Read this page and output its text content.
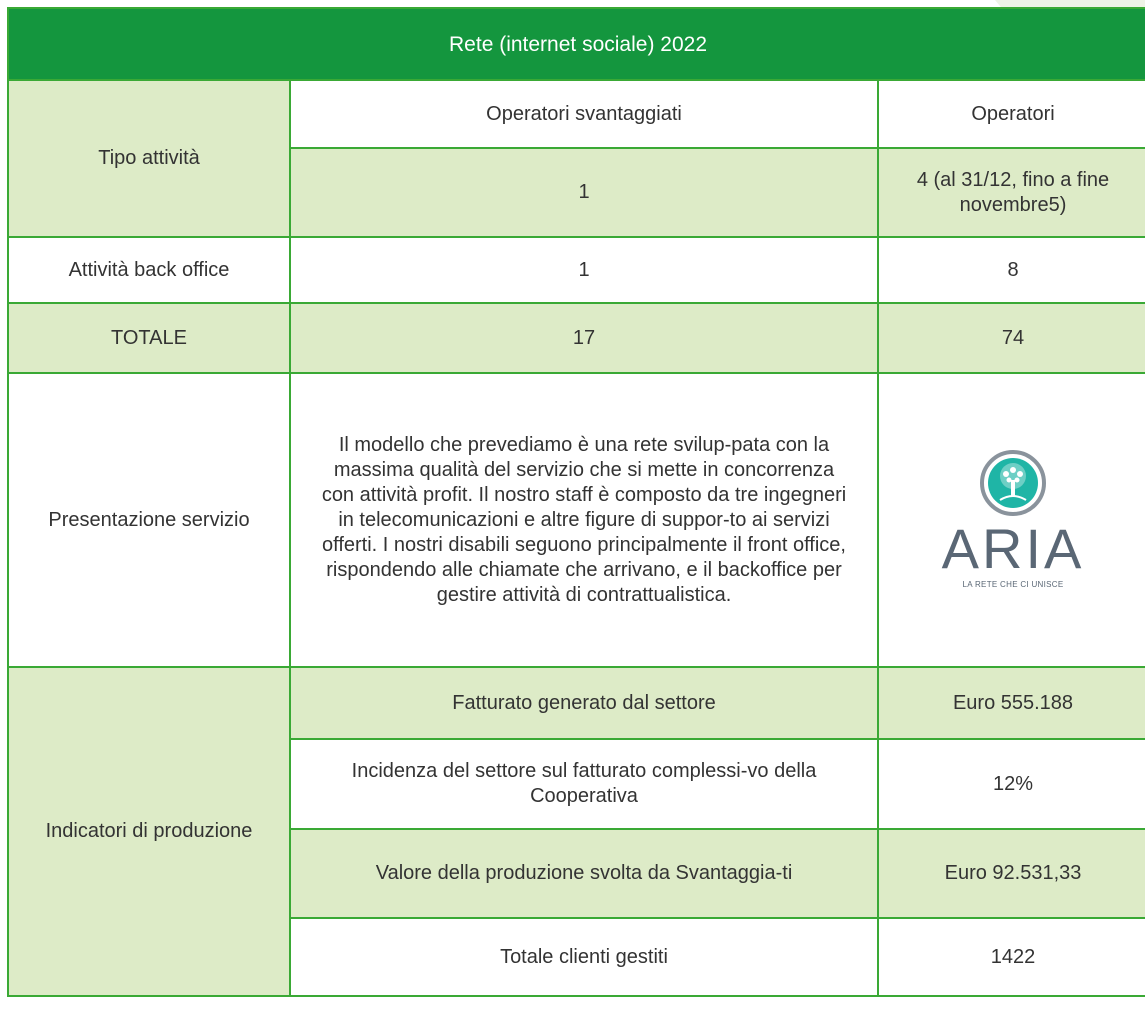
Rete (internet sociale) 2022		
Tipo attività	Operatori svantaggiati	Operatori
	1	4 (al 31/12, fino a fine novembre5)
Attività back office	1	8
TOTALE	17	74
Presentazione servizio	Il modello che prevediamo è una rete svilup-pata con la massima qualità del servizio che si mette in concorrenza con attività profit. Il nostro staff è composto da tre ingegneri in telecomunicazioni e altre figure di suppor-to ai servizi offerti. I nostri disabili seguono principalmente il front office, rispondendo alle chiamate che arrivano, e il backoffice per gestire attività di contrattualistica.	ARIA
LA RETE CHE CI UNISCE

Indicatori di produzione	Fatturato generato dal settore	Euro 555.188
	Incidenza del settore sul fatturato complessi-vo della Cooperativa	12%
	Valore della produzione svolta da Svantaggia-ti	Euro 92.531,33
	Totale clienti gestiti	1422
